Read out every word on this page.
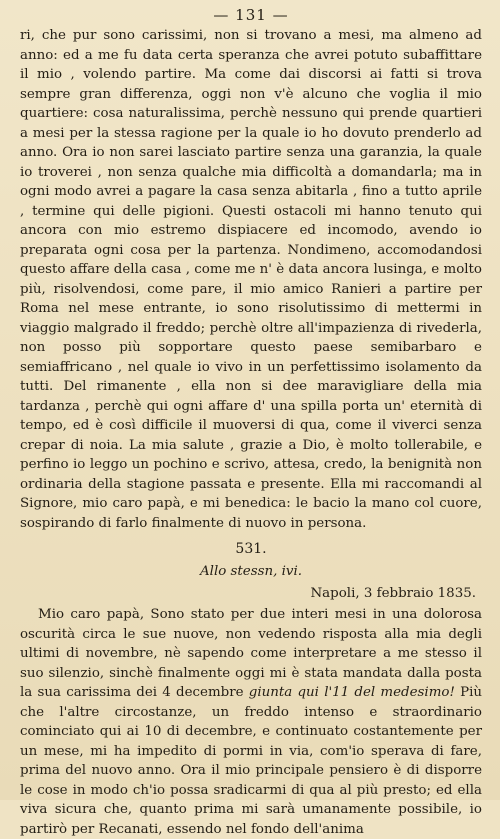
— 131 —

ri, che pur sono carissimi, non si trovano a mesi, ma almeno ad anno: ed a me fu data certa speranza che avrei potuto subaffittare il mio , volendo partire. Ma come dai discorsi ai fatti si trova sempre gran differenza, oggi non v'è alcuno che voglia il mio quartiere: cosa naturalissima, perchè nessuno qui prende quartieri a mesi per la stessa ragione per la quale io ho dovuto prenderlo ad anno. Ora io non sarei lasciato partire senza una garanzia, la quale io troverei , non senza qualche mia difficoltà a domandarla; ma in ogni modo avrei a pagare la casa senza abitarla , fino a tutto aprile , termine qui delle pigioni. Questi ostacoli mi hanno tenuto qui ancora con mio estremo dispiacere ed incomodo, avendo io preparata ogni cosa per la partenza. Nondimeno, accomodandosi questo affare della casa , come me n' è data ancora lusinga, e molto più, risolvendosi, come pare, il mio amico Ranieri a partire per Roma nel mese entrante, io sono risolutissimo di mettermi in viaggio malgrado il freddo; perchè oltre all'impazienza di rivederla, non posso più sopportare questo paese semibarbaro e semiaffricano , nel quale io vivo in un perfettissimo isolamento da tutti. Del rimanente , ella non si dee maravigliare della mia tardanza , perchè qui ogni affare d' una spilla porta un' eternità di tempo, ed è così difficile il muoversi di qua, come il viverci senza crepar di noia. La mia salute , grazie a Dio, è molto tollerabile, e perfino io leggo un pochino e scrivo, attesa, credo, la benignità non ordinaria della stagione passata e presente. Ella mi raccomandi al Signore, mio caro papà, e mi benedica: le bacio la mano col cuore, sospirando di farlo finalmente di nuovo in persona.

531.

Allo stessn, ivi.

Napoli, 3 febbraio 1835.

Mio caro papà, Sono stato per due interi mesi in una dolorosa oscurità circa le sue nuove, non vedendo risposta alla mia degli ultimi di novembre, nè sapendo come interpretare a me stesso il suo silenzio, sinchè finalmente oggi mi è stata mandata dalla posta la sua carissima dei 4 decembre giunta qui l'11 del medesimo! Più che l'altre circostanze, un freddo intenso e straordinario cominciato qui ai 10 di decembre, e continuato costantemente per un mese, mi ha impedito di pormi in via, com'io sperava di fare, prima del nuovo anno. Ora il mio principale pensiero è di disporre le cose in modo ch'io possa sradicarmi di qua al più presto; ed ella viva sicura che, quanto prima mi sarà umanamente possibile, io partirò per Recanati, essendo nel fondo dell'anima
